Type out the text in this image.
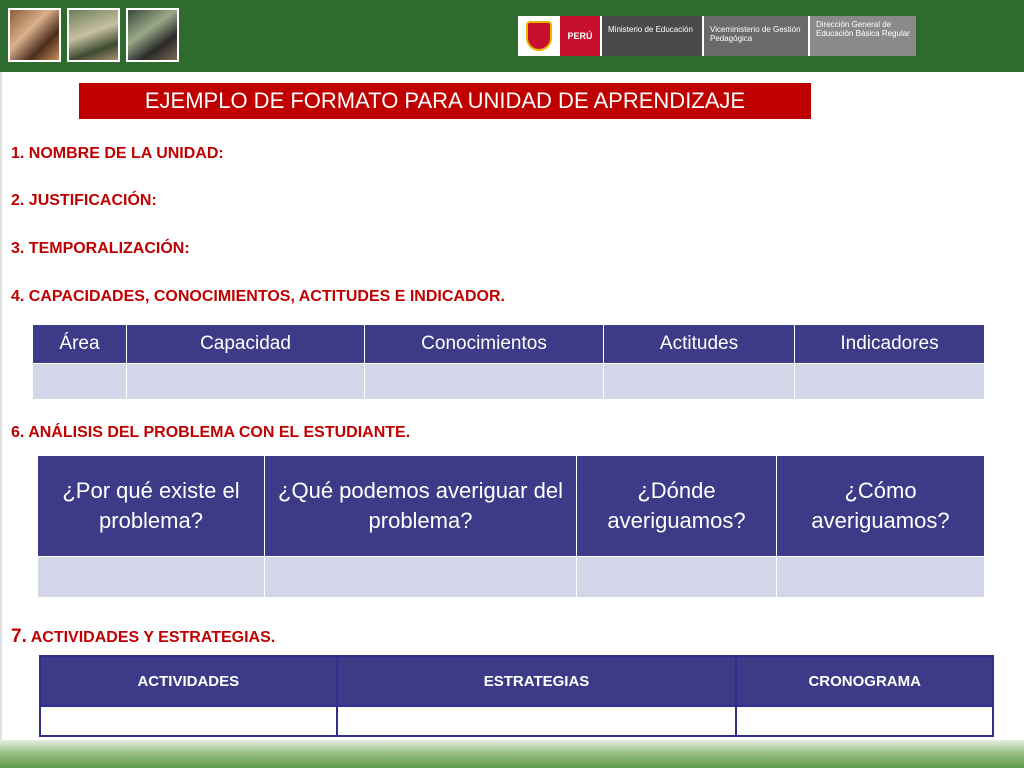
PERÚ
Ministerio de Educación	Viceministerio de Gestión Pedagógica
Dirección General de Educación Básica Regular
EJEMPLO DE FORMATO PARA UNIDAD DE APRENDIZAJE
1. NOMBRE DE LA UNIDAD:
2. JUSTIFICACIÓN:
3. TEMPORALIZACIÓN:
4. CAPACIDADES, CONOCIMIENTOS, ACTITUDES E INDICADOR.
Área	Capacidad	Conocimientos	Actitudes	Indicadores

6. ANÁLISIS DEL PROBLEMA CON EL ESTUDIANTE.
¿Por qué existe el problema?	¿Qué podemos averiguar del problema?	¿Dónde averiguamos?	¿Cómo averiguamos?

7. ACTIVIDADES Y ESTRATEGIAS.
ACTIVIDADES	ESTRATEGIAS	CRONOGRAMA
